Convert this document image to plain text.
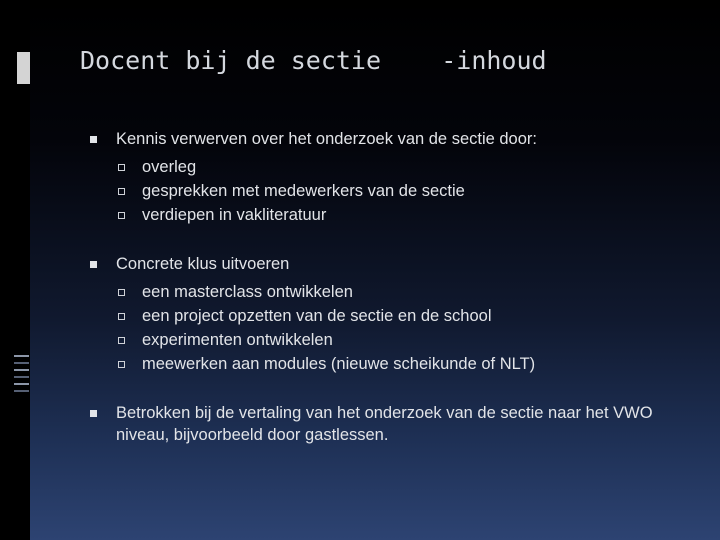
Docent bij de sectie    -inhoud
Kennis verwerven over het onderzoek van de sectie door:
overleg
gesprekken met medewerkers van de sectie
verdiepen in vakliteratuur
Concrete klus uitvoeren
een masterclass ontwikkelen
een project opzetten van de sectie en de school
experimenten ontwikkelen
meewerken aan modules (nieuwe scheikunde of NLT)
Betrokken bij de vertaling van het onderzoek van de sectie naar het VWO niveau, bijvoorbeeld door gastlessen.
